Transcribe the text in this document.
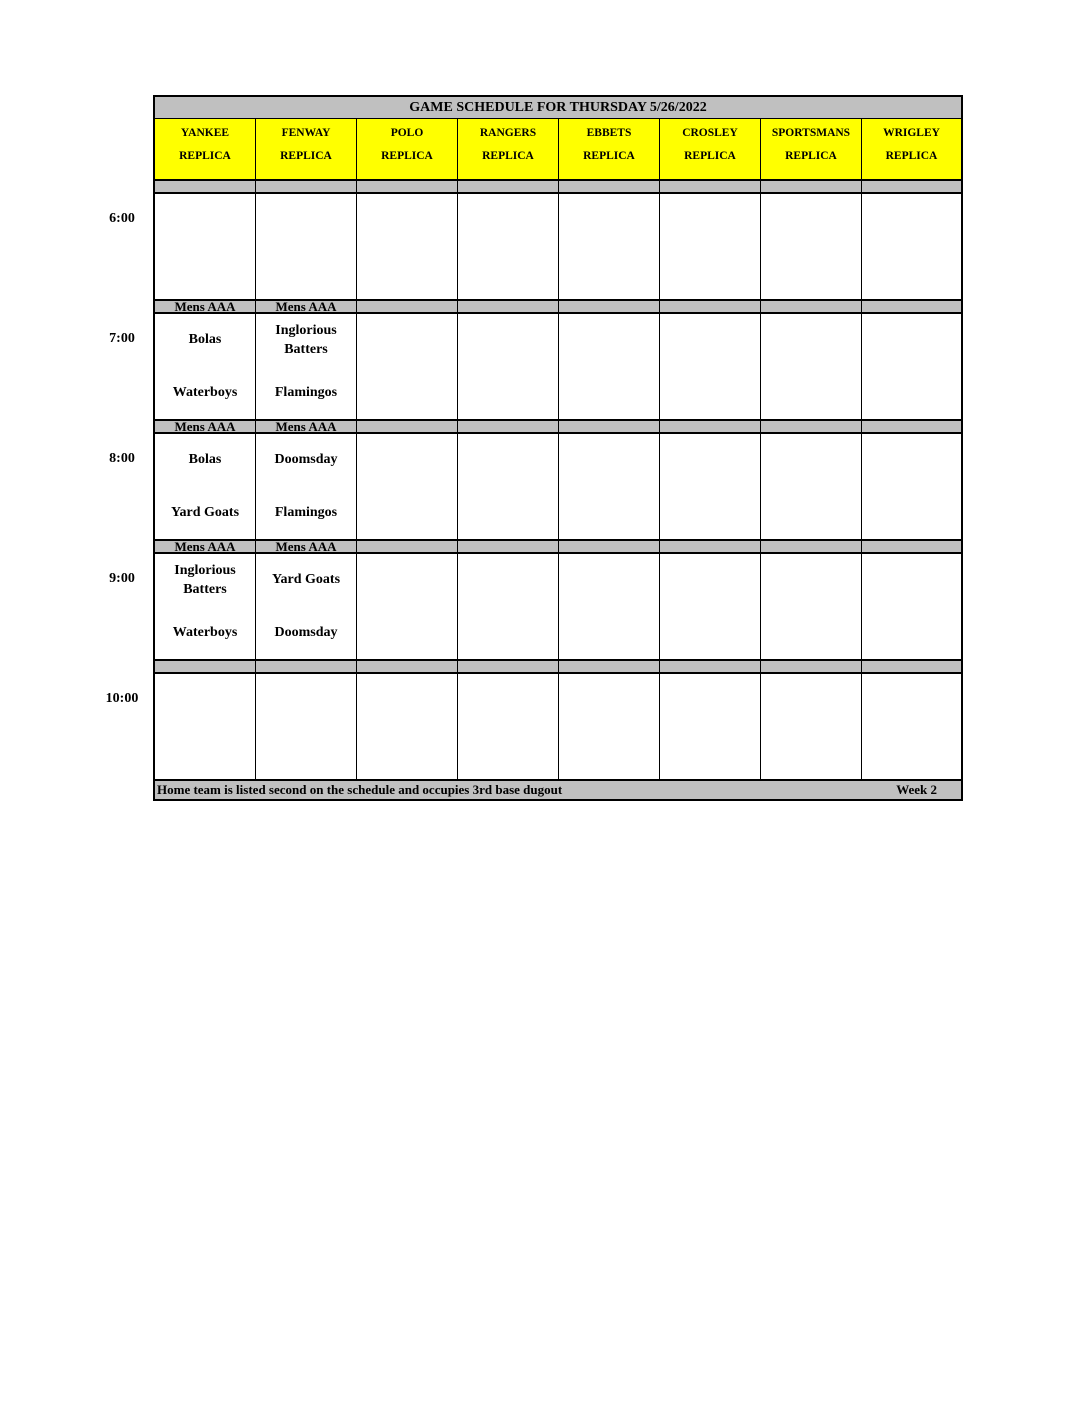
6:00
7:00
8:00
9:00
10:00
GAME SCHEDULE FOR THURSDAY 5/26/2022
YANKEE
REPLICA
Mens AAA
Bolas
Waterboys
Mens AAA
Bolas
Yard Goats
Mens AAA
Inglorious Batters
Waterboys
FENWAY
REPLICA
Mens AAA
Inglorious Batters
Flamingos
Mens AAA
Doomsday
Flamingos
Mens AAA
Yard Goats
Doomsday
POLO
REPLICA
RANGERS
REPLICA
EBBETS
REPLICA
CROSLEY
REPLICA
SPORTSMANS
REPLICA
WRIGLEY
REPLICA
Home team is listed second on the schedule and occupies 3rd base dugout	Week 2
